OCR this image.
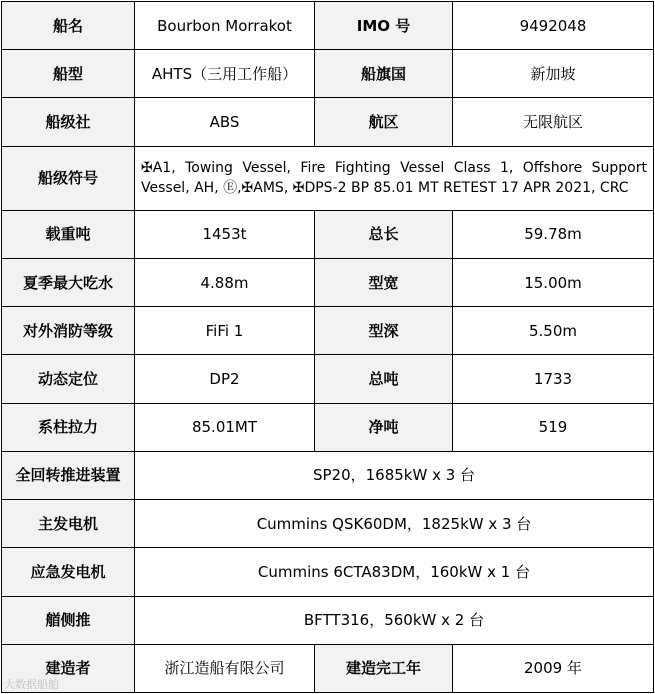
船名	Bourbon Morrakot	IMO 号	9492048
船型	AHTS（三用工作船）	船旗国	新加坡
船级社	ABS	航区	无限航区
船级符号	✠A1, Towing Vessel, Fire Fighting Vessel Class 1, Offshore Support Vessel, AH, Ⓔ,✠AMS, ✠DPS-2 BP 85.01 MT RETEST 17 APR 2021, CRC		
载重吨	1453t	总长	59.78m
夏季最大吃水	4.88m	型宽	15.00m
对外消防等级	FiFi 1	型深	5.50m
动态定位	DP2	总吨	1733
系柱拉力	85.01MT	净吨	519
全回转推进装置	SP20，1685kW x 3 台		
主发电机	Cummins QSK60DM，1825kW x 3 台		
应急发电机	Cummins 6CTA83DM，160kW x 1 台		
艏侧推	BFTT316，560kW x 2 台		
建造者	浙江造船有限公司	建造完工年	2009 年
大数据船舶
